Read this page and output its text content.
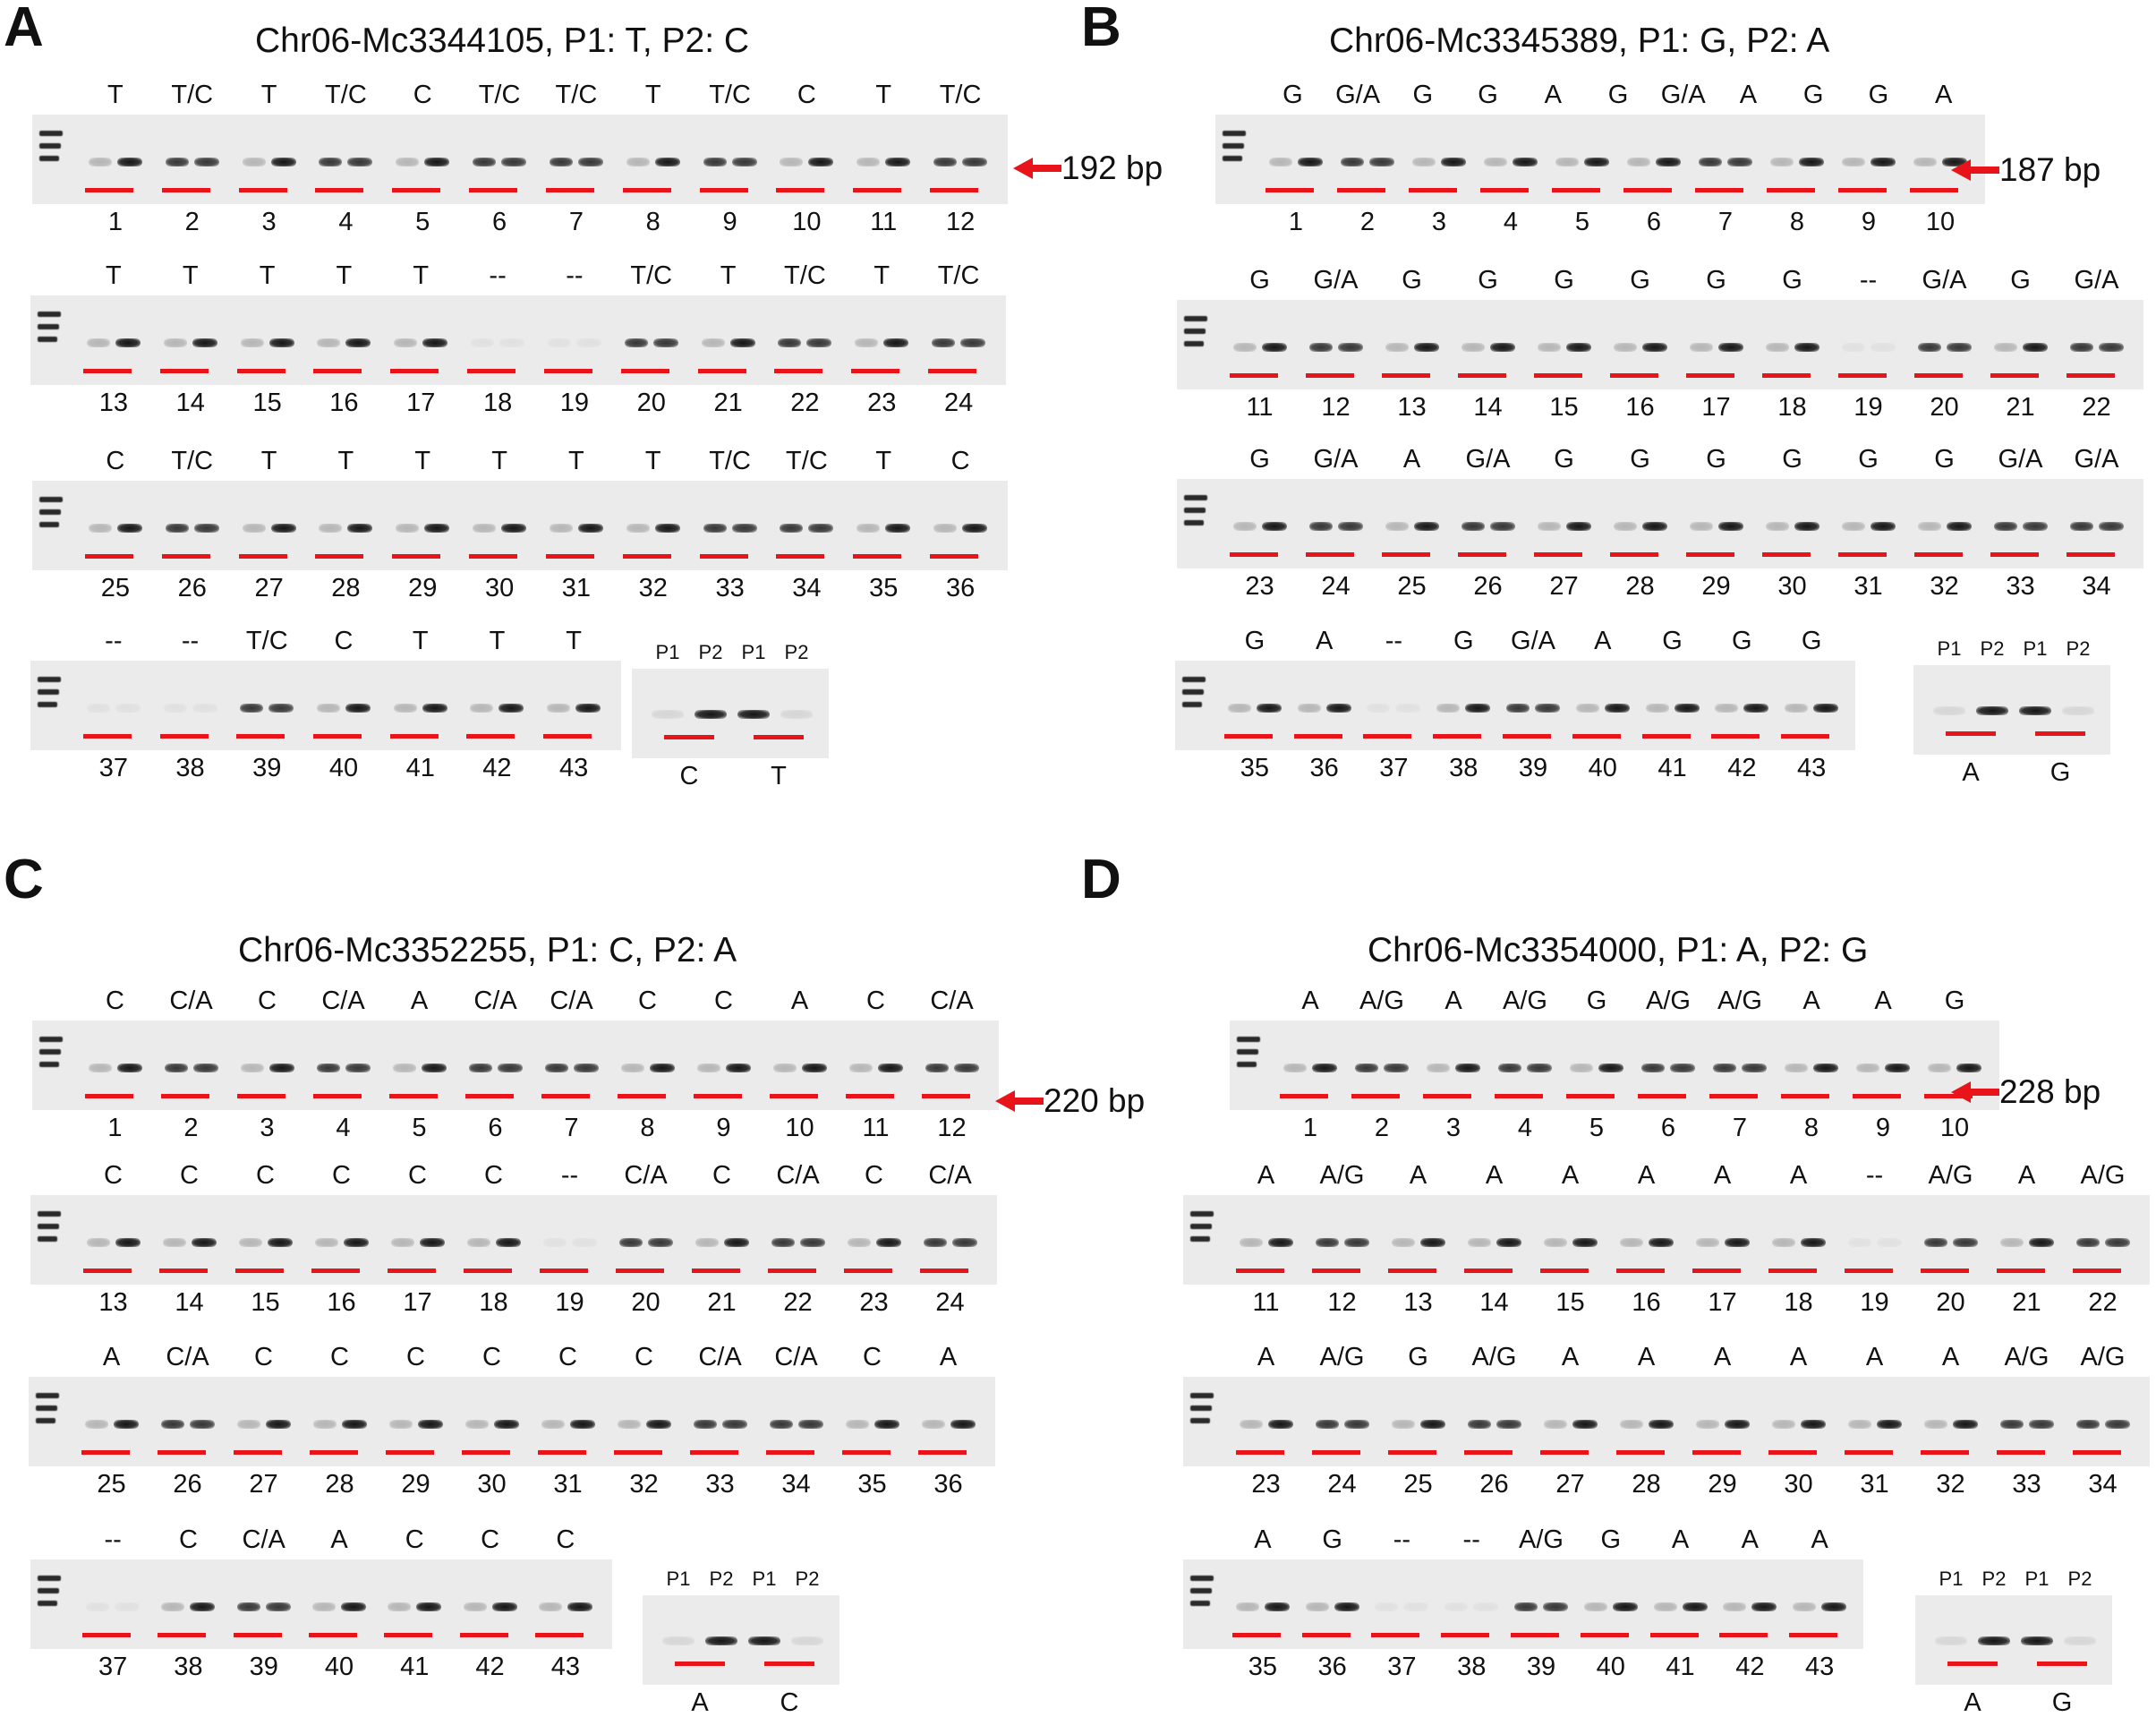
A	Chr06-Mc3344105, P1: T, P2: C
1 2 3 4 5 6 7 8 9 10 11 12
T T/C T T/C C T/C T/C T T/C C T T/C
13 14 15 16 17 18 19 20 21 22 23 24
T T T T T -- -- T/C T T/C T T/C
25 26 27 28 29 30 31 32 33 34 35 36
C T/C T T T T T T T/C T/C T C
37 38 39 40 41 42 43
-- -- T/C C T T T	P1 P2 P1 P2
C	T
192 bp
B	Chr06-Mc3345389, P1: G, P2: A
1 2 3 4 5 6 7 8 9 10
G G/A G G A G G/A A G G A
11 12 13 14 15 16 17 18 19 20 21 22
G G/A G G G G G G -- G/A G G/A
23 24 25 26 27 28 29 30 31 32 33 34
G G/A A G/A G G G G G G G/A G/A
35 36 37 38 39 40 41 42 43
G A -- G G/A A G G G	P1 P2 P1 P2
A	G
187 bp
C
Chr06-Mc3352255, P1: C, P2: A
1 2 3 4 5 6 7 8 9 10 11 12
C C/A C C/A A C/A C/A C C A C C/A
13 14 15 16 17 18 19 20 21 22 23 24
C C C C C C -- C/A C C/A C C/A
25 26 27 28 29 30 31 32 33 34 35 36
A C/A C C C C C C C/A C/A C A
37 38 39 40 41 42 43
-- C C/A A C C C
P1 P2 P1 P2
A	C
220 bp
D
Chr06-Mc3354000, P1: A, P2: G
1 2 3 4 5 6 7 8 9 10
A A/G A A/G G A/G A/G A A G
11 12 13 14 15 16 17 18 19 20 21 22
A A/G A A A A A A -- A/G A A/G
23 24 25 26 27 28 29 30 31 32 33 34
A A/G G A/G A A A A A A A/G A/G
35 36 37 38 39 40 41 42 43
A G -- -- A/G G A A A
P1 P2 P1 P2
A	G
228 bp
